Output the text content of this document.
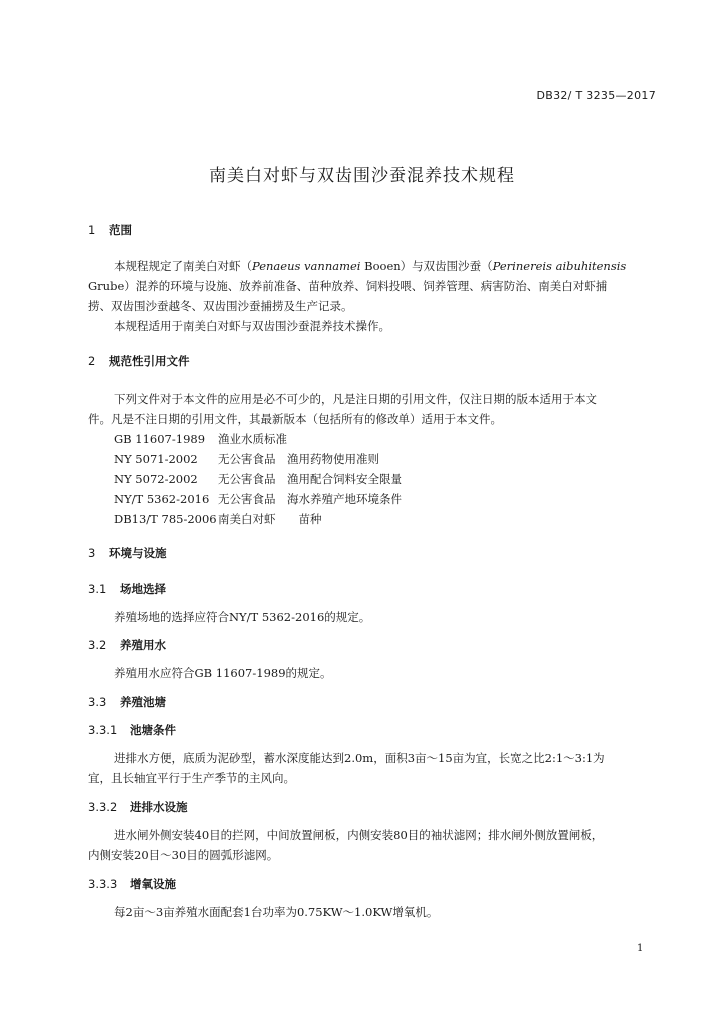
DB32/ T 3235—2017
南美白对虾与双齿围沙蚕混养技术规程
1 范围
本规程规定了南美白对虾（Penaeus vannamei Booen）与双齿围沙蚕（Perinereis aibuhitensis
Grube）混养的环境与设施、放养前准备、苗种放养、饲料投喂、饲养管理、病害防治、南美白对虾捕
捞、双齿围沙蚕越冬、双齿围沙蚕捕捞及生产记录。
本规程适用于南美白对虾与双齿围沙蚕混养技术操作。
2 规范性引用文件
下列文件对于本文件的应用是必不可少的，凡是注日期的引用文件，仅注日期的版本适用于本文
件。凡是不注日期的引用文件，其最新版本（包括所有的修改单）适用于本文件。
GB 11607-1989 渔业水质标准
NY 5071-2002 无公害食品　渔用药物使用准则
NY 5072-2002 无公害食品　渔用配合饲料安全限量
NY/T 5362-2016 无公害食品　海水养殖产地环境条件
DB13/T 785-2006南美白对虾　　苗种
3 环境与设施
3.1 场地选择
养殖场地的选择应符合NY/T 5362-2016的规定。
3.2 养殖用水
养殖用水应符合GB 11607-1989的规定。
3.3 养殖池塘
3.3.1 池塘条件
进排水方便，底质为泥砂型，蓄水深度能达到2.0m，面积3亩～15亩为宜，长宽之比2:1～3:1为
宜，且长轴宜平行于生产季节的主风向。
3.3.2 进排水设施
进水闸外侧安装40目的拦网，中间放置闸板，内侧安装80目的袖状滤网；排水闸外侧放置闸板，
内侧安装20目～30目的圆弧形滤网。
3.3.3 增氧设施
每2亩～3亩养殖水面配套1台功率为0.75KW～1.0KW增氧机。
1
